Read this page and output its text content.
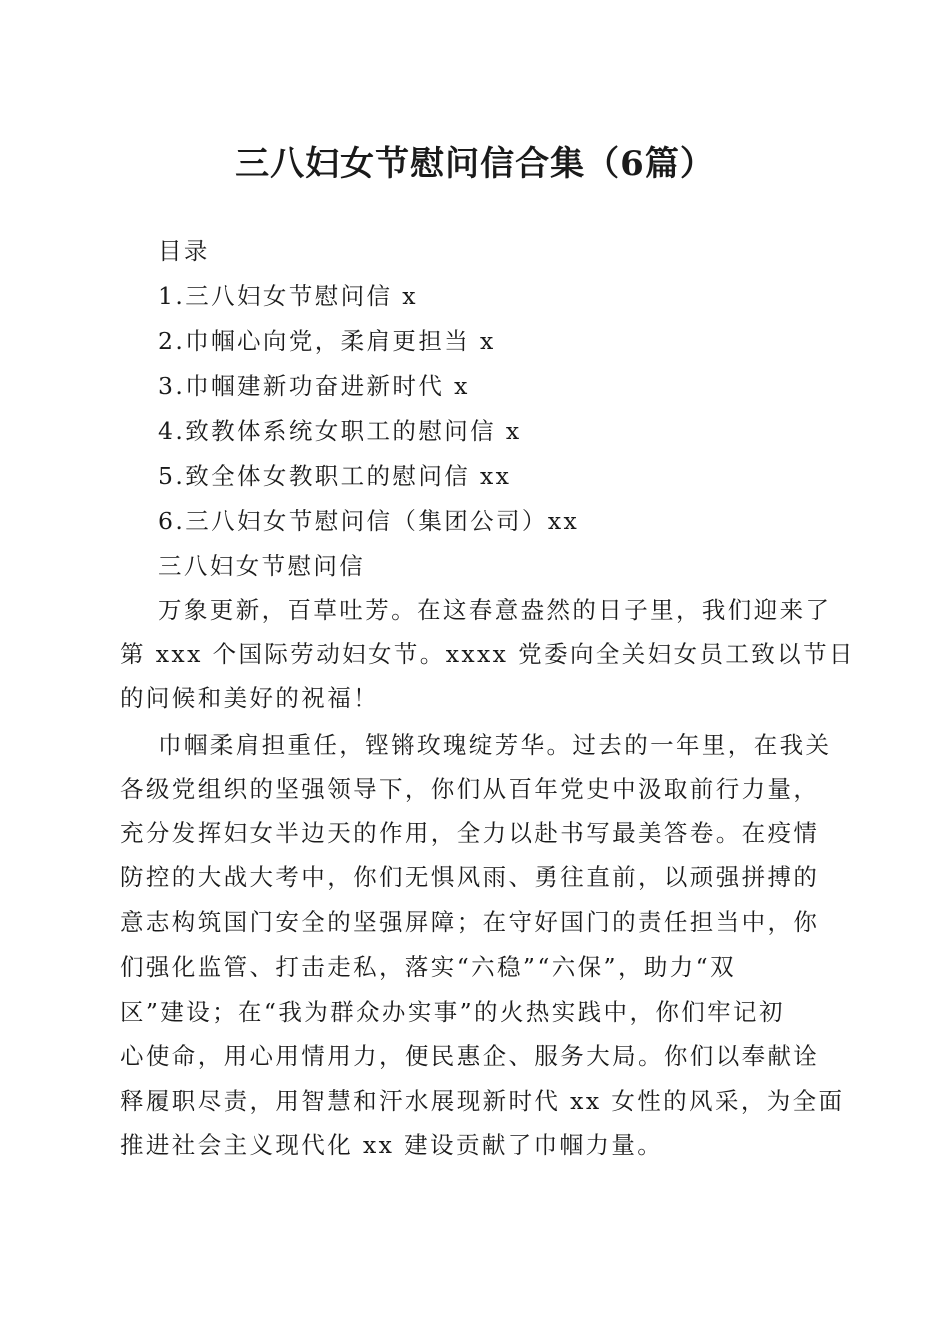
三八妇女节慰问信合集（6篇）
目录
1.三八妇女节慰问信 x
2.巾帼心向党，柔肩更担当 x
3.巾帼建新功奋进新时代 x
4.致教体系统女职工的慰问信 x
5.致全体女教职工的慰问信 xx
6.三八妇女节慰问信（集团公司）xx
三八妇女节慰问信
万象更新，百草吐芳。在这春意盎然的日子里，我们迎来了
第 xxx 个国际劳动妇女节。xxxx 党委向全关妇女员工致以节日
的问候和美好的祝福！
巾帼柔肩担重任，铿锵玫瑰绽芳华。过去的一年里，在我关
各级党组织的坚强领导下，你们从百年党史中汲取前行力量，
充分发挥妇女半边天的作用，全力以赴书写最美答卷。在疫情
防控的大战大考中，你们无惧风雨、勇往直前，以顽强拼搏的
意志构筑国门安全的坚强屏障；在守好国门的责任担当中，你
们强化监管、打击走私，落实“六稳”“六保”，助力“双
区”建设；在“我为群众办实事”的火热实践中，你们牢记初
心使命，用心用情用力，便民惠企、服务大局。你们以奉献诠
释履职尽责，用智慧和汗水展现新时代 xx 女性的风采，为全面
推进社会主义现代化 xx 建设贡献了巾帼力量。
